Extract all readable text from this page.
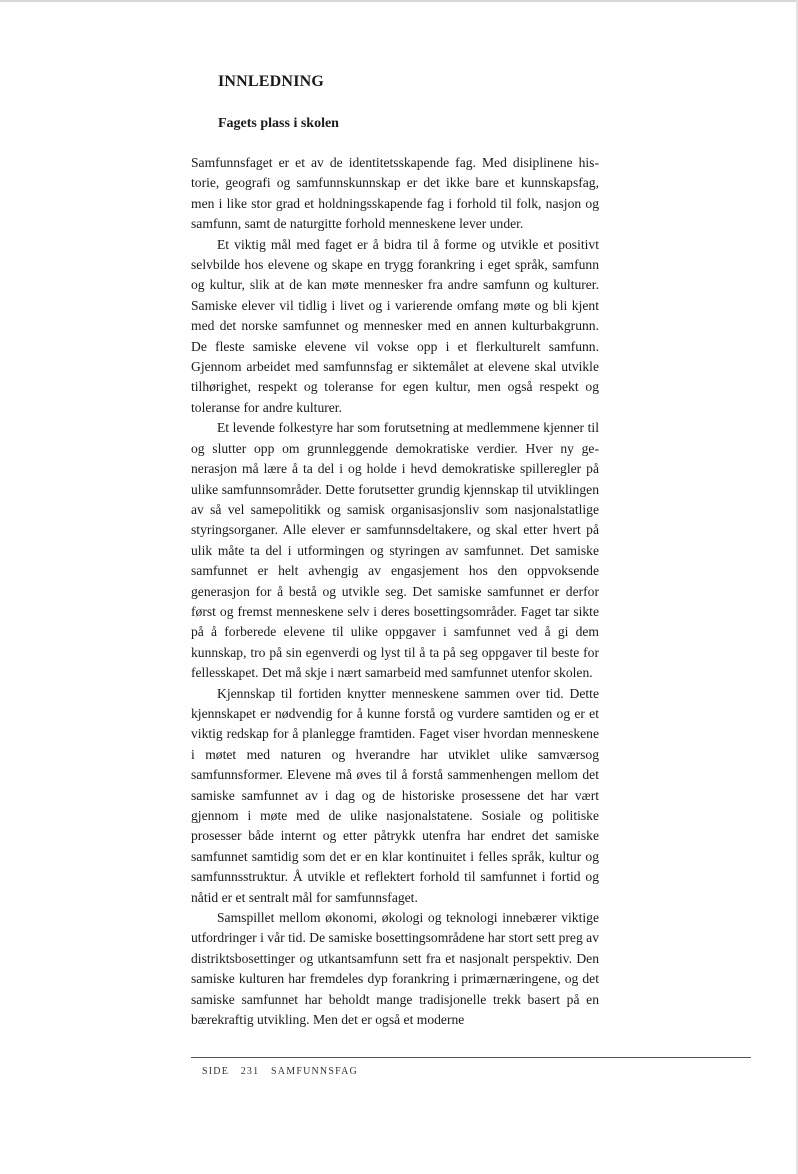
INNLEDNING
Fagets plass i skolen

Samfunnsfaget er et av de identitetsskapende fag. Med disiplinene historie, geografi og samfunnskunnskap er det ikke bare et kunnskapsfag, men i like stor grad et holdningsskapende fag i forhold til folk, nasjon og samfunn, samt de naturgitte forhold menneskene lever under.

Et viktig mål med faget er å bidra til å forme og utvikle et positivt selvbilde hos elevene og skape en trygg forankring i eget språk, samfunn og kultur, slik at de kan møte mennesker fra andre samfunn og kulturer. Samiske elever vil tidlig i livet og i varierende omfang møte og bli kjent med det norske samfunnet og mennesker med en annen kulturbakgrunn. De fleste samiske elevene vil vokse opp i et flerkulturelt samfunn. Gjennom arbeidet med samfunnsfag er siktemålet at elevene skal utvikle tilhørighet, respekt og toleranse for egen kultur, men også respekt og toleranse for andre kulturer.

Et levende folkestyre har som forutsetning at medlemmene kjenner til og slutter opp om grunnleggende demokratiske verdier. Hver ny generasjon må lære å ta del i og holde i hevd demokratiske spilleregler på ulike samfunnsområder. Dette forutsetter grundig kjennskap til utviklingen av så vel samepolitikk og samisk organisasjonsliv som nasjonalstatlige styringsorganer. Alle elever er samfunnsdeltakere, og skal etter hvert på ulik måte ta del i utformingen og styringen av samfunnet. Det samiske samfunnet er helt avhengig av engasjement hos den oppvoksende generasjon for å bestå og utvikle seg. Det samiske samfunnet er derfor først og fremst menneskene selv i deres bosettingsområder. Faget tar sikte på å forberede elevene til ulike oppgaver i samfunnet ved å gi dem kunnskap, tro på sin egenverdi og lyst til å ta på seg oppgaver til beste for fellesskapet. Det må skje i nært samarbeid med samfunnet utenfor skolen.

Kjennskap til fortiden knytter menneskene sammen over tid. Dette kjennskapet er nødvendig for å kunne forstå og vurdere samtiden og er et viktig redskap for å planlegge framtiden. Faget viser hvordan menneskene i møtet med naturen og hverandre har utviklet ulike samværsog samfunnsformer. Elevene må øves til å forstå sammenhengen mellom det samiske samfunnet av i dag og de historiske prosessene det har vært gjennom i møte med de ulike nasjonalstatene. Sosiale og politiske prosesser både internt og etter påtrykk utenfra har endret det samiske samfunnet samtidig som det er en klar kontinuitet i felles språk, kultur og samfunnsstruktur. Å utvikle et reflektert forhold til samfunnet i fortid og nåtid er et sentralt mål for samfunnsfaget.

Samspillet mellom økonomi, økologi og teknologi innebærer viktige utfordringer i vår tid. De samiske bosettingsområdene har stort sett preg av distriktsbosettinger og utkantsamfunn sett fra et nasjonalt perspektiv. Den samiske kulturen har fremdeles dyp forankring i primærnæringene, og det samiske samfunnet har beholdt mange tradisjonelle trekk basert på en bærekraftig utvikling. Men det er også et moderne

SIDE 231 SAMFUNNSFAG
